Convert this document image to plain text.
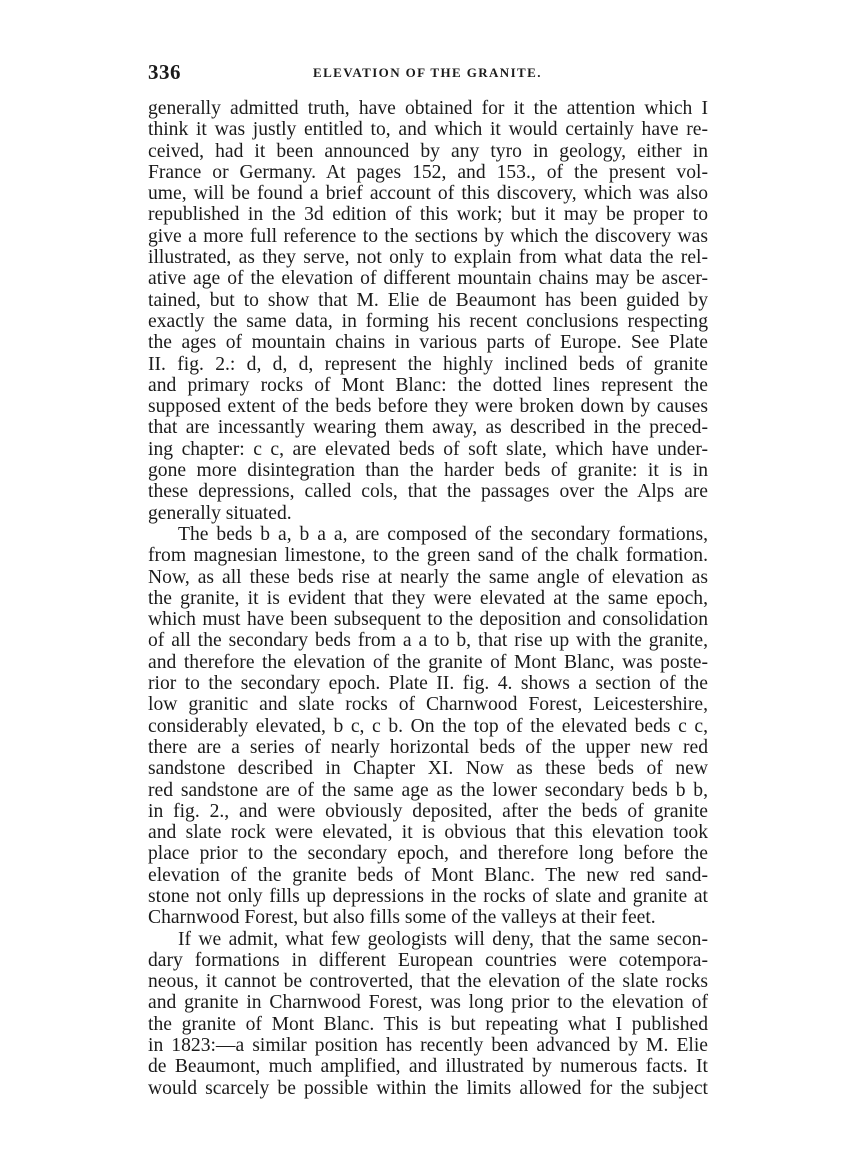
336	ELEVATION OF THE GRANITE.
generally admitted truth, have obtained for it the attention which I
think it was justly entitled to, and which it would certainly have re-
ceived, had it been announced by any tyro in geology, either in
France or Germany. At pages 152, and 153., of the present vol-
ume, will be found a brief account of this discovery, which was also
republished in the 3d edition of this work; but it may be proper to
give a more full reference to the sections by which the discovery was
illustrated, as they serve, not only to explain from what data the rel-
ative age of the elevation of different mountain chains may be ascer-
tained, but to show that M. Elie de Beaumont has been guided by
exactly the same data, in forming his recent conclusions respecting
the ages of mountain chains in various parts of Europe. See Plate
II. fig. 2.: d, d, d, represent the highly inclined beds of granite
and primary rocks of Mont Blanc: the dotted lines represent the
supposed extent of the beds before they were broken down by causes
that are incessantly wearing them away, as described in the preced-
ing chapter: c c, are elevated beds of soft slate, which have under-
gone more disintegration than the harder beds of granite: it is in
these depressions, called cols, that the passages over the Alps are
generally situated.
The beds b a, b a a, are composed of the secondary formations,
from magnesian limestone, to the green sand of the chalk formation.
Now, as all these beds rise at nearly the same angle of elevation as
the granite, it is evident that they were elevated at the same epoch,
which must have been subsequent to the deposition and consolidation
of all the secondary beds from a a to b, that rise up with the granite,
and therefore the elevation of the granite of Mont Blanc, was poste-
rior to the secondary epoch. Plate II. fig. 4. shows a section of the
low granitic and slate rocks of Charnwood Forest, Leicestershire,
considerably elevated, b c, c b. On the top of the elevated beds c c,
there are a series of nearly horizontal beds of the upper new red
sandstone described in Chapter XI. Now as these beds of new
red sandstone are of the same age as the lower secondary beds b b,
in fig. 2., and were obviously deposited, after the beds of granite
and slate rock were elevated, it is obvious that this elevation took
place prior to the secondary epoch, and therefore long before the
elevation of the granite beds of Mont Blanc. The new red sand-
stone not only fills up depressions in the rocks of slate and granite at
Charnwood Forest, but also fills some of the valleys at their feet.
If we admit, what few geologists will deny, that the same secon-
dary formations in different European countries were cotempora-
neous, it cannot be controverted, that the elevation of the slate rocks
and granite in Charnwood Forest, was long prior to the elevation of
the granite of Mont Blanc. This is but repeating what I published
in 1823:—a similar position has recently been advanced by M. Elie
de Beaumont, much amplified, and illustrated by numerous facts. It
would scarcely be possible within the limits allowed for the subject
